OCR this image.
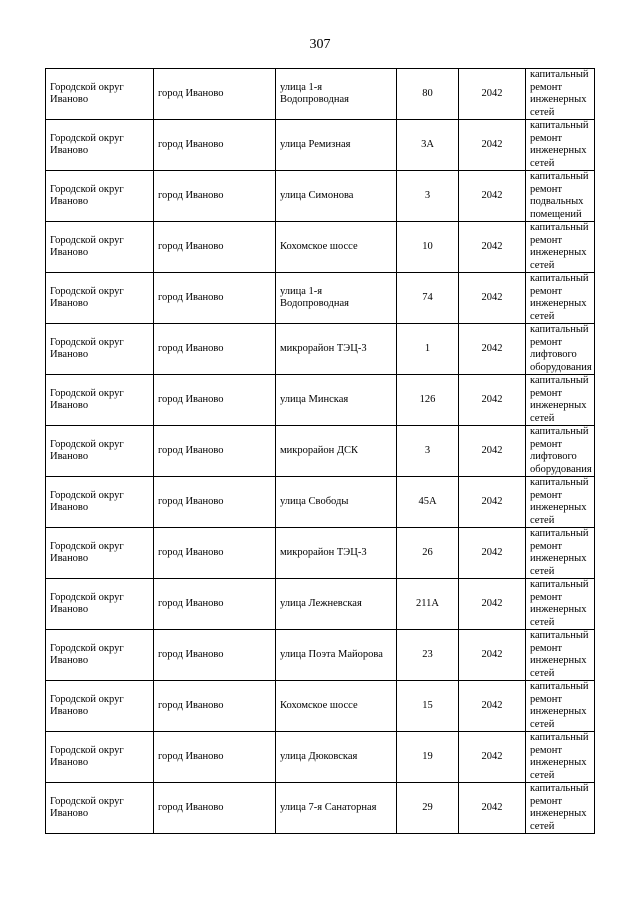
307
Городской округ Иваново	город Иваново	улица 1-я Водопроводная	80	2042	капитальный ремонт инженерных сетей

Городской округ Иваново	город Иваново	улица Ремизная	3А	2042	капитальный ремонт инженерных сетей

Городской округ Иваново	город Иваново	улица Симонова	3	2042	капитальный ремонт подвальных помещений

Городской округ Иваново	город Иваново	Кохомское шоссе	10	2042	капитальный ремонт инженерных сетей

Городской округ Иваново	город Иваново	улица 1-я Водопроводная	74	2042	капитальный ремонт инженерных сетей

Городской округ Иваново	город Иваново	микрорайон ТЭЦ-3	1	2042	капитальный ремонт лифтового оборудования

Городской округ Иваново	город Иваново	улица Минская	126	2042	капитальный ремонт инженерных сетей

Городской округ Иваново	город Иваново	микрорайон ДСК	3	2042	капитальный ремонт лифтового оборудования

Городской округ Иваново	город Иваново	улица Свободы	45А	2042	капитальный ремонт инженерных сетей

Городской округ Иваново	город Иваново	микрорайон ТЭЦ-3	26	2042	капитальный ремонт инженерных сетей

Городской округ Иваново	город Иваново	улица Лежневская	211А	2042	капитальный ремонт инженерных сетей

Городской округ Иваново	город Иваново	улица Поэта Майорова	23	2042	капитальный ремонт инженерных сетей

Городской округ Иваново	город Иваново	Кохомское шоссе	15	2042	капитальный ремонт инженерных сетей

Городской округ Иваново	город Иваново	улица Дюковская	19	2042	капитальный ремонт инженерных сетей

Городской округ Иваново	город Иваново	улица 7-я Санаторная	29	2042	капитальный ремонт инженерных сетей
